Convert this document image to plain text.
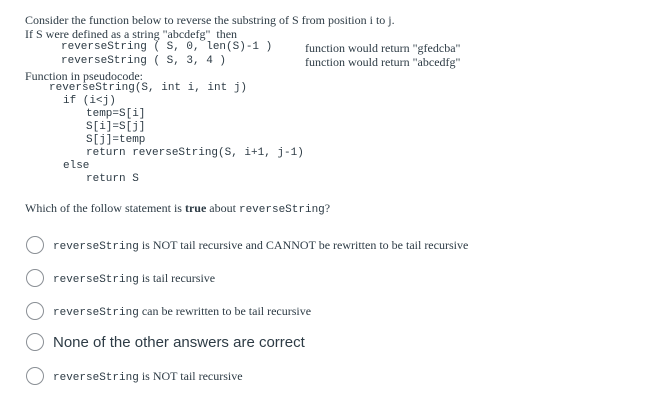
Consider the function below to reverse the substring of S from position i to j.
If S were defined as a string "abcdefg"  then
reverseString ( S, 0, len(S)-1 )	function would return "gfedcba"
reverseString ( S, 3, 4 )	function would return "abcedfg"
Function in pseudocode:
reverseString(S, int i, int j)
if (i<j)
temp=S[i]
S[i]=S[j]
S[j]=temp
return reverseString(S, i+1, j-1)
else
return S
Which of the follow statement is true about reverseString?
reverseString is NOT tail recursive and CANNOT be rewritten to be tail recursive
reverseString is tail recursive
reverseString can be rewritten to be tail recursive
None of the other answers are correct
reverseString is NOT tail recursive
